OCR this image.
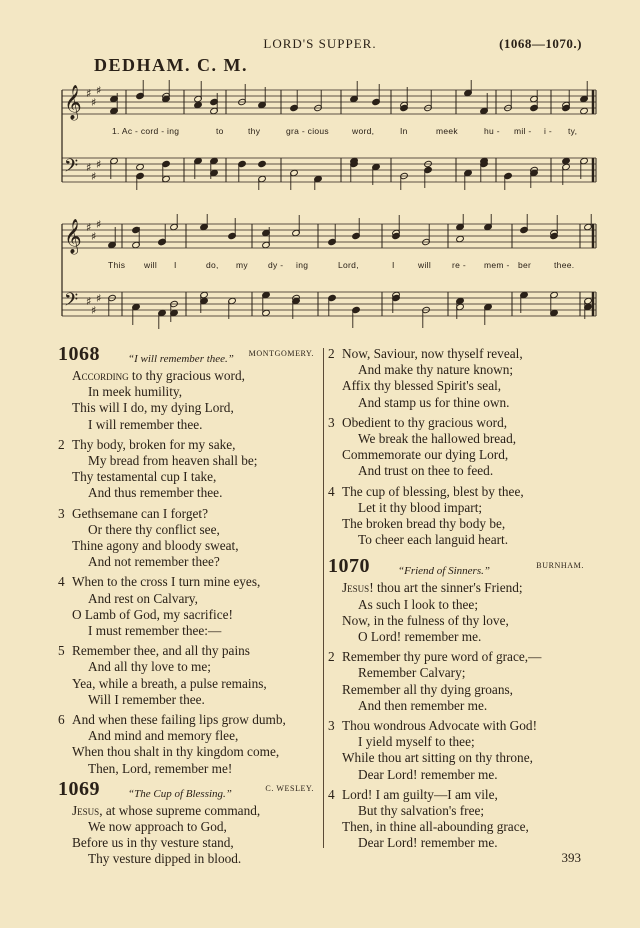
LORD'S SUPPER.	(1068—1070.)
DEDHAM. C. M.
𝄞 ♯
♯
♯
𝄢 ♯
♯
♯
1. Ac - cord - ing	to	thy	gra - cious	word,	In	meek	hu - mil - i - ty,
𝄞 ♯
♯
♯
𝄢 ♯
♯
♯
This will I	do, my dy - ing	Lord,	I	will re - mem - ber	thee.
1068	“I will remember thee.” MONTGOMERY.
According to thy gracious word,
In meek humility,
This will I do, my dying Lord,
I will remember thee.
2 Thy body, broken for my sake,
My bread from heaven shall be;
Thy testamental cup I take,
And thus remember thee.
3 Gethsemane can I forget?
Or there thy conflict see,
Thine agony and bloody sweat,
And not remember thee?
4 When to the cross I turn mine eyes,
And rest on Calvary,
O Lamb of God, my sacrifice!
I must remember thee:—
5 Remember thee, and all thy pains
And all thy love to me;
Yea, while a breath, a pulse remains,
Will I remember thee.
6 And when these failing lips grow dumb,
And mind and memory flee,
When thou shalt in thy kingdom come,
Then, Lord, remember me!
1069	“The Cup of Blessing.”	C. WESLEY.
Jesus, at whose supreme command,
We now approach to God,
Before us in thy vesture stand,
Thy vesture dipped in blood.
2 Now, Saviour, now thyself reveal,
And make thy nature known;
Affix thy blessed Spirit's seal,
And stamp us for thine own.
3 Obedient to thy gracious word,
We break the hallowed bread,
Commemorate our dying Lord,
And trust on thee to feed.
4 The cup of blessing, blest by thee,
Let it thy blood impart;
The broken bread thy body be,
To cheer each languid heart.
1070	“Friend of Sinners.”	BURNHAM.
Jesus! thou art the sinner's Friend;
As such I look to thee;
Now, in the fulness of thy love,
O Lord! remember me.
2 Remember thy pure word of grace,—
Remember Calvary;
Remember all thy dying groans,
And then remember me.
3 Thou wondrous Advocate with God!
I yield myself to thee;
While thou art sitting on thy throne,
Dear Lord! remember me.
4 Lord! I am guilty—I am vile,
But thy salvation's free;
Then, in thine all-abounding grace,
Dear Lord! remember me.
393
